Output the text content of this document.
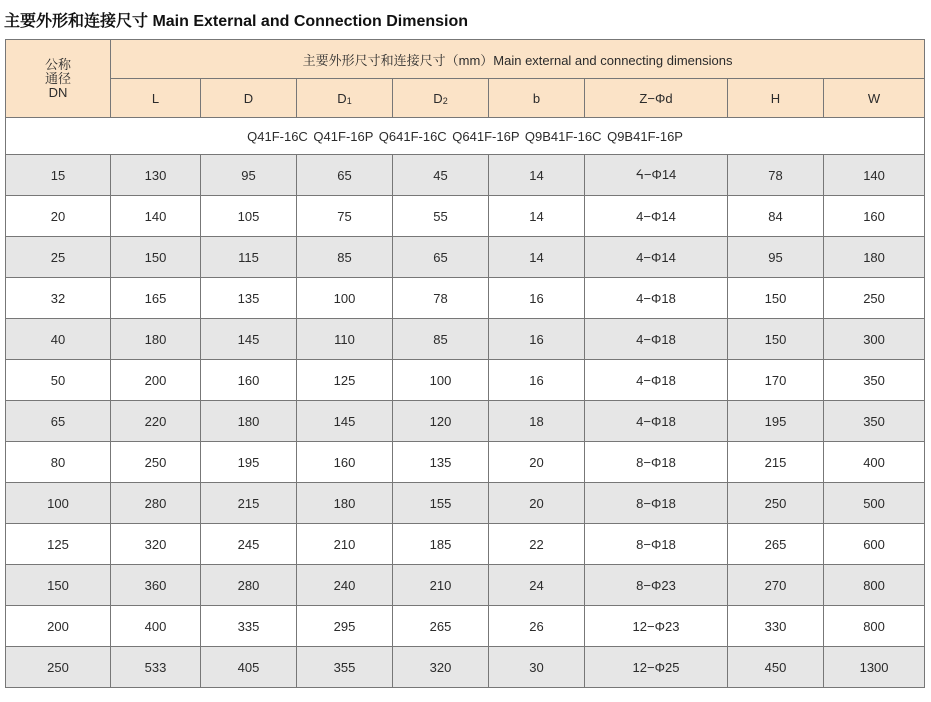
主要外形和连接尺寸 Main External and Connection Dimension
公称
通径
DN	主要外形尺寸和连接尺寸（mm）Main external and connecting dimensions							
	L	D	$D_1$	$D_2$	b	Z−Φd	H	W
Q41F-16C Q41F-16P Q641F-16C Q641F-16P Q9B41F-16C Q9B41F-16P								
15	130	95	65	45	14	ᔦ−Φ14	78	140
20	140	105	75	55	14	4−Φ14	84	160
25	150	115	85	65	14	4−Φ14	95	180
32	165	135	100	78	16	4−Φ18	150	250
40	180	145	110	85	16	4−Φ18	150	300
50	200	160	125	100	16	4−Φ18	170	350
65	220	180	145	120	18	4−Φ18	195	350
80	250	195	160	135	20	8−Φ18	215	400
100	280	215	180	155	20	8−Φ18	250	500
125	320	245	210	185	22	8−Φ18	265	600
150	360	280	240	210	24	8−Φ23	270	800
200	400	335	295	265	26	12−Φ23	330	800
250	533	405	355	320	30	12−Φ25	450	1300
